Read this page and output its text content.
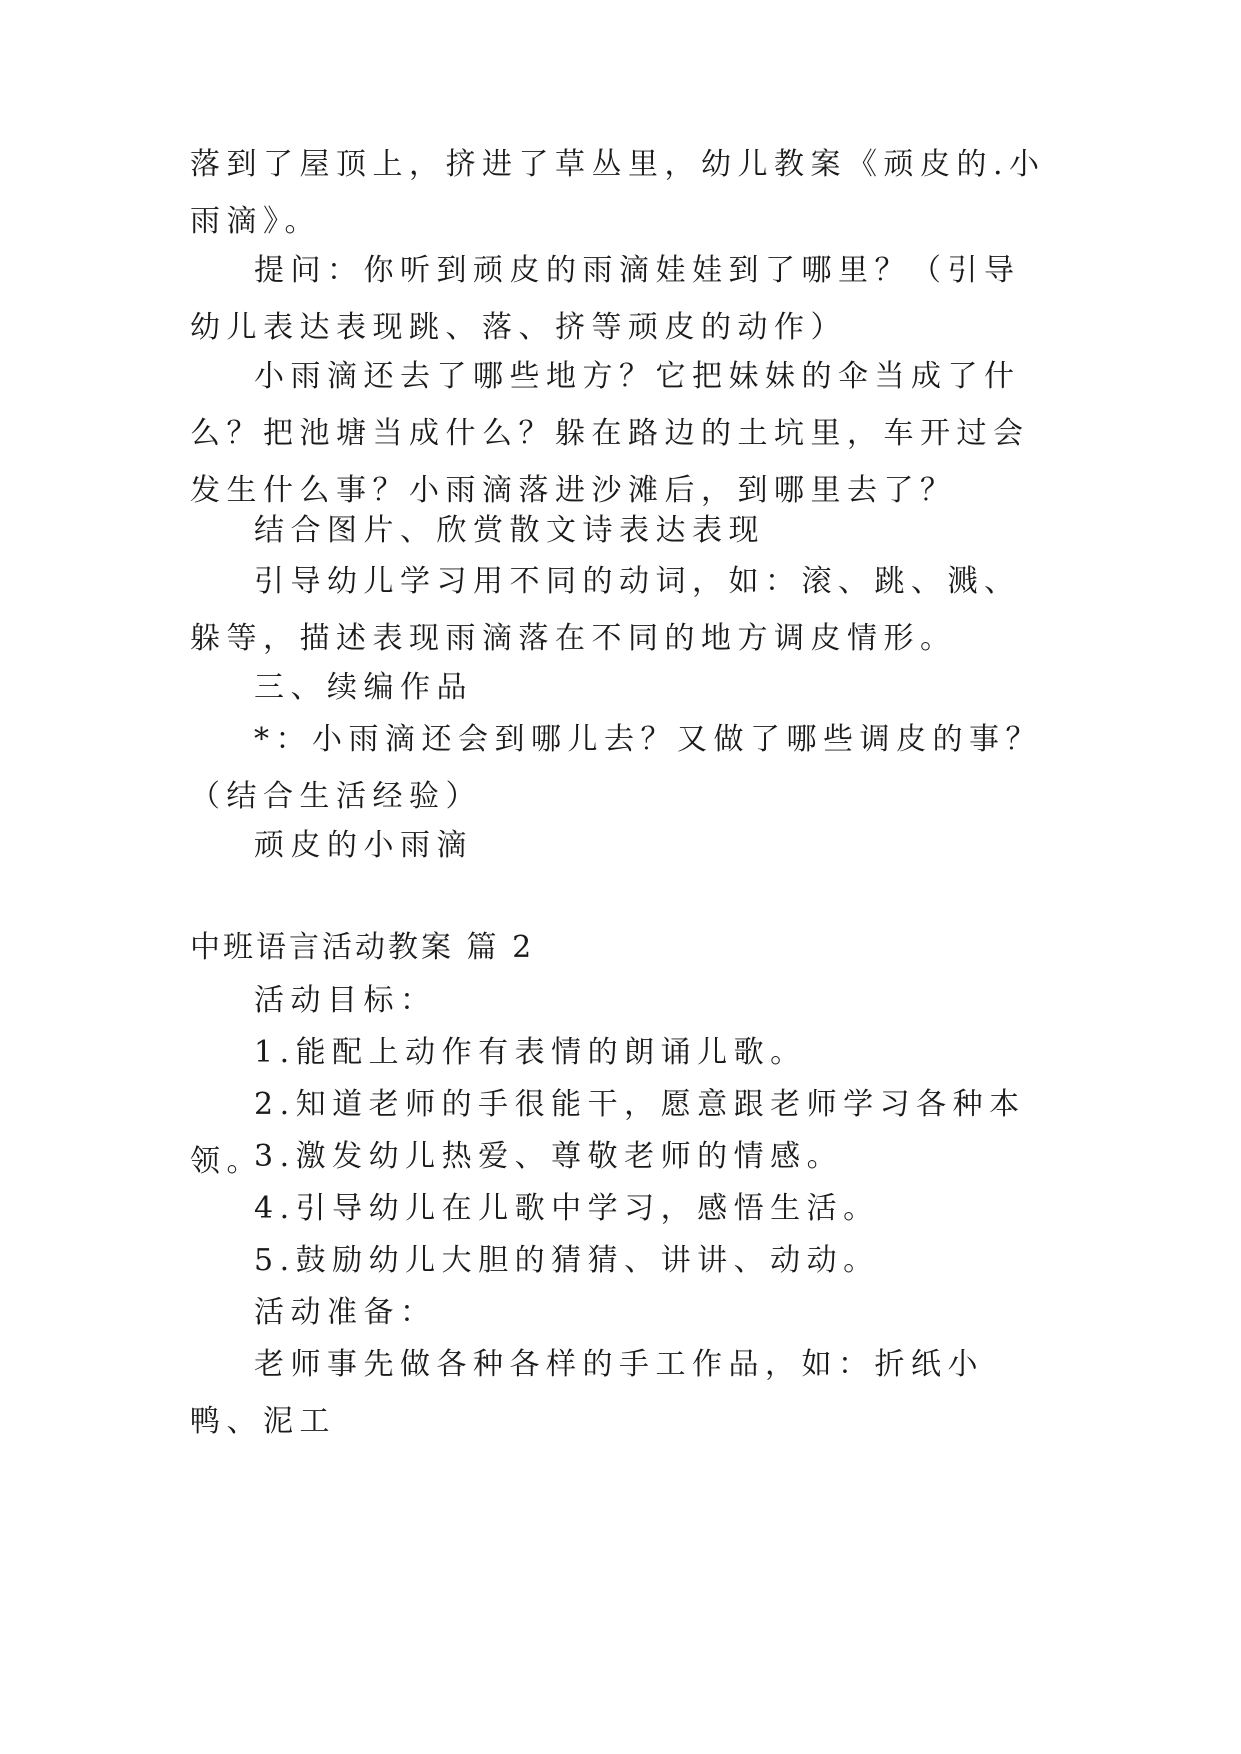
落到了屋顶上，挤进了草丛里，幼儿教案《顽皮的.小雨滴》。

提问：你听到顽皮的雨滴娃娃到了哪里？（引导幼儿表达表现跳、落、挤等顽皮的动作）

小雨滴还去了哪些地方？它把妹妹的伞当成了什么？把池塘当成什么？躲在路边的土坑里，车开过会发生什么事？小雨滴落进沙滩后，到哪里去了？

结合图片、欣赏散文诗表达表现

引导幼儿学习用不同的动词，如：滚、跳、溅、躲等，描述表现雨滴落在不同的地方调皮情形。

三、续编作品

*：小雨滴还会到哪儿去？又做了哪些调皮的事？（结合生活经验）

顽皮的小雨滴

中班语言活动教案 篇 2

活动目标：

1.能配上动作有表情的朗诵儿歌。

2.知道老师的手很能干，愿意跟老师学习各种本领。

3.激发幼儿热爱、尊敬老师的情感。

4.引导幼儿在儿歌中学习，感悟生活。

5.鼓励幼儿大胆的猜猜、讲讲、动动。

活动准备：

老师事先做各种各样的手工作品，如：折纸小鸭、泥工
